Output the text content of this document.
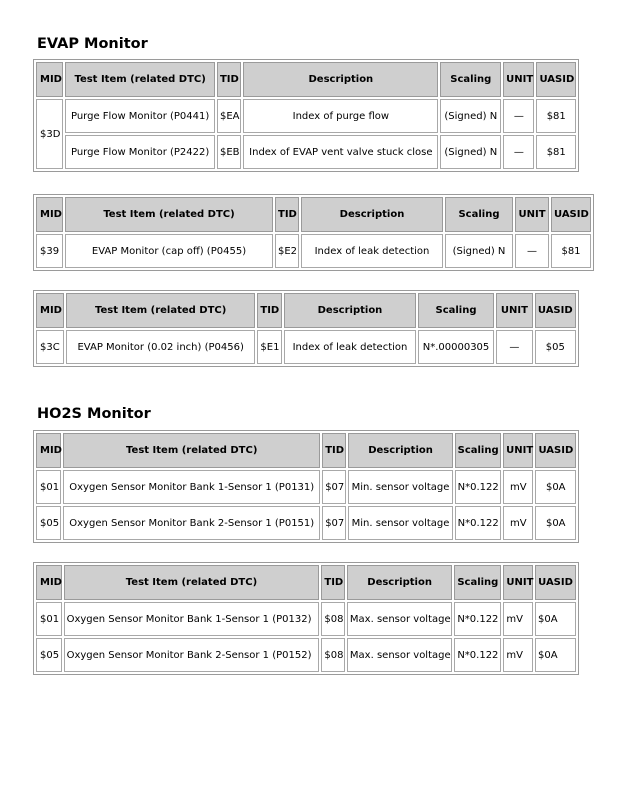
EVAP Monitor
MID	Test Item (related DTC)	TID	Description	Scaling	UNIT	UASID
$3D	Purge Flow Monitor (P0441)	$EA	Index of purge flow	(Signed) N	—	$81
	Purge Flow Monitor (P2422)	$EB	Index of EVAP vent valve stuck close	(Signed) N	—	$81
MID	Test Item (related DTC)	TID	Description	Scaling	UNIT	UASID
$39	EVAP Monitor (cap off) (P0455)	$E2	Index of leak detection	(Signed) N	—	$81
MID	Test Item (related DTC)	TID	Description	Scaling	UNIT	UASID
$3C	EVAP Monitor (0.02 inch) (P0456)	$E1	Index of leak detection	N*.00000305	—	$05
HO2S Monitor
MID	Test Item (related DTC)	TID	Description	Scaling	UNIT	UASID
$01	Oxygen Sensor Monitor Bank 1-Sensor 1 (P0131)	$07	Min. sensor voltage	N*0.122	mV	$0A
$05	Oxygen Sensor Monitor Bank 2-Sensor 1 (P0151)	$07	Min. sensor voltage	N*0.122	mV	$0A
MID	Test Item (related DTC)	TID	Description	Scaling	UNIT	UASID
$01	Oxygen Sensor Monitor Bank 1-Sensor 1 (P0132)	$08	Max. sensor voltage	N*0.122	mV	$0A
$05	Oxygen Sensor Monitor Bank 2-Sensor 1 (P0152)	$08	Max. sensor voltage	N*0.122	mV	$0A
